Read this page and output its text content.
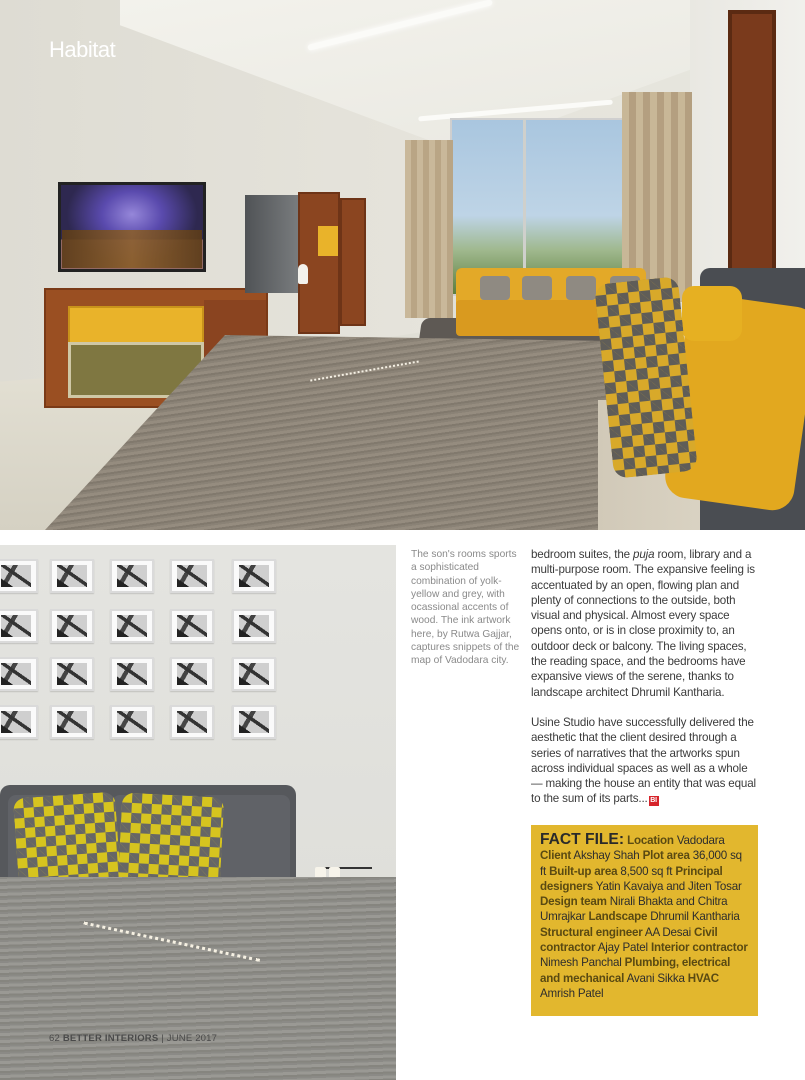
Habitat
The son's rooms sports a sophisticated combination of yolk-yellow and grey, with ocassional accents of wood. The ink artwork here, by Rutwa Gajjar, captures snippets of the map of Vadodara city.

bedroom suites, the puja room, library and a multi-purpose room. The expansive feeling is accentuated by an open, flowing plan and plenty of connections to the outside, both visual and physical. Almost every space opens onto, or is in close proximity to, an outdoor deck or balcony. The living spaces, the reading space, and the bedrooms have expansive views of the serene, thanks to landscape architect Dhrumil Kantharia.

Usine Studio have successfully delivered the aesthetic that the client desired through a series of narratives that the artworks spun across individual spaces as well as a whole — making the house an entity that was equal to the sum of its parts... BI

FACT FILE: Location Vadodara Client Akshay Shah Plot area 36,000 sq ft Built-up area 8,500 sq ft Principal designers Yatin Kavaiya and Jiten Tosar Design team Nirali Bhakta and Chitra Umrajkar Landscape Dhrumil Kantharia Structural engineer AA Desai Civil contractor Ajay Patel Interior contractor Nimesh Panchal Plumbing, electrical and mechanical Avani Sikka HVAC Amrish Patel
62 BETTER INTERIORS | JUNE 2017
